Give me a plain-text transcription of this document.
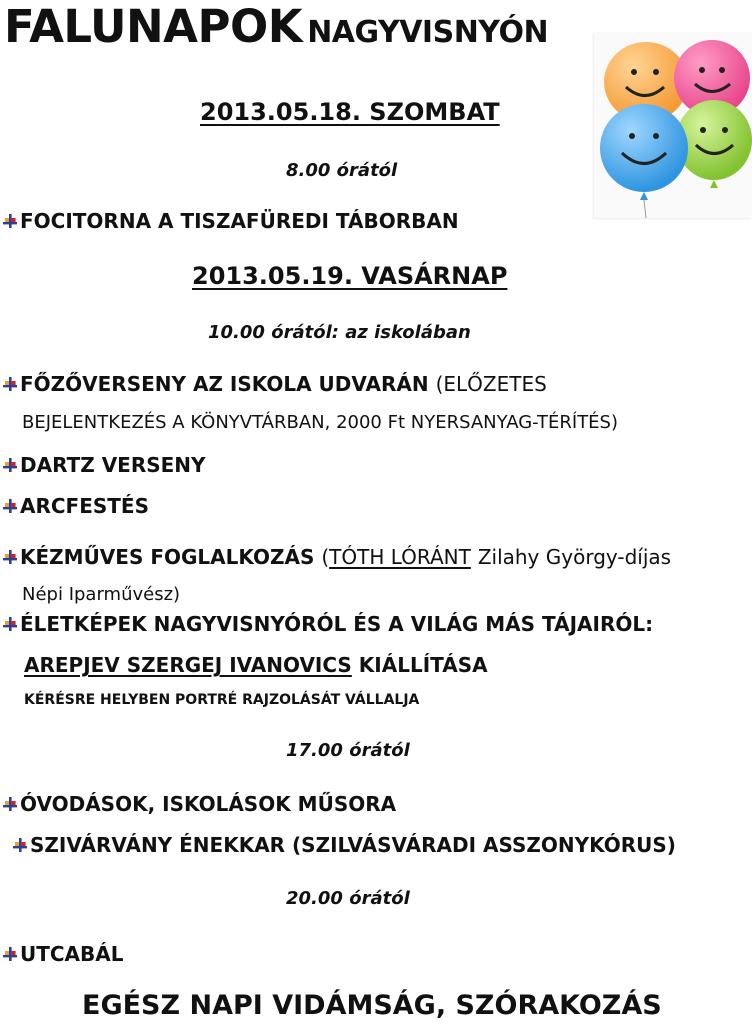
FALUNAPOK NAGYVISNYÓN
2013.05.18. SZOMBAT
8.00 órától
FOCITORNA A TISZAFÜREDI TÁBORBAN
2013.05.19. VASÁRNAP
10.00 órától: az iskolában
FŐZŐVERSENY AZ ISKOLA UDVARÁN
(ELŐZETES
BEJELENTKEZÉS A KÖNYVTÁRBAN, 2000 Ft NYERSANYAG-TÉRÍTÉS)
DARTZ VERSENY
ARCFESTÉS
KÉZMŰVES FOGLALKOZÁS
( TÓTH LÓRÁNT
Zilahy György-díjas
Népi Iparművész)
ÉLETKÉPEK NAGYVISNYÓRÓL ÉS A VILÁG MÁS TÁJAIRÓL:
AREPJEV SZERGEJ IVANOVICS
KIÁLLÍTÁSA
KÉRÉSRE HELYBEN PORTRÉ RAJZOLÁSÁT VÁLLALJA
17.00 órától
ÓVODÁSOK, ISKOLÁSOK MŰSORA
SZIVÁRVÁNY ÉNEKKAR (SZILVÁSVÁRADI ASSZONYKÓRUS)
20.00 órától
UTCABÁL
EGÉSZ NAPI VIDÁMSÁG, SZÓRAKOZÁS
